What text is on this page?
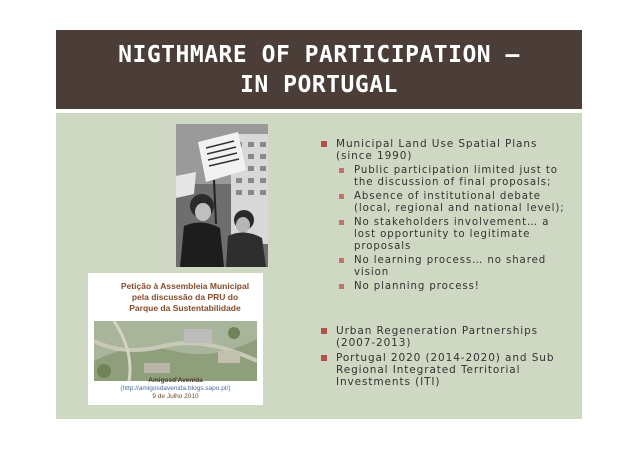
NIGTHMARE OF PARTICIPATION –
IN PORTUGAL
Petição à Assembleia Municipal
pela discussão da PRU do
Parque da Sustentabilidade
Amigosd'Avenida
(http://amigosdavenida.blogs.sapo.pt/)
9 de Julho 2010
Municipal Land Use Spatial Plans (since 1990)
Public participation limited just to the discussion of final proposals;
Absence of institutional debate (local, regional and national level);
No stakeholders involvement… a lost opportunity to legitimate proposals
No learning process… no shared vision
No planning process!
Urban Regeneration Partnerships (2007-2013)
Portugal 2020 (2014-2020) and Sub Regional Integrated Territorial Investments (ITI)
